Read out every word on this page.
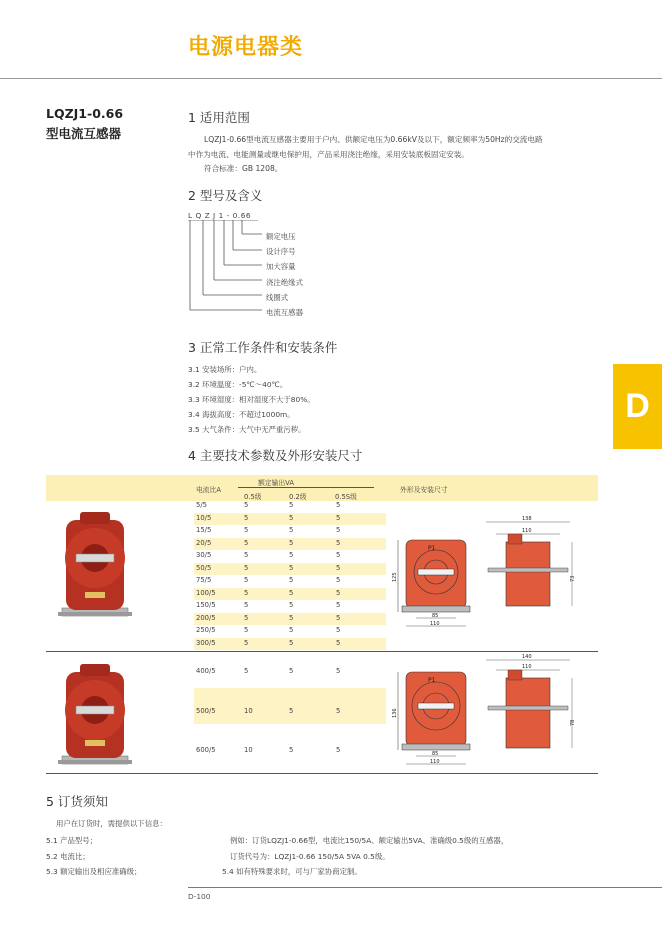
电源电器类
LQZJ1-0.66
型电流互感器
D
1 适用范围
LQZJ1-0.66型电流互感器主要用于户内、供额定电压为0.66kV及以下，额定频率为50Hz的交流电路
中作为电流、电能测量或继电保护用，产品采用浇注绝缘，采用安装底板固定安装。
符合标准：GB 1208。
2 型号及含义
L Q Z J 1 - 0.66
额定电压
设计序号
加大容量
浇注绝缘式
线圈式
电流互感器
3 正常工作条件和安装条件
3.1 安装场所：户内。
3.2 环境温度：-5℃～40℃。
3.3 环境湿度：相对湿度不大于80%。
3.4 海拔高度：不超过1000m。
3.5 大气条件：大气中无严重污秽。
4 主要技术参数及外形安装尺寸
电流比A
额定输出VA
0.5级	0.2级	0.5S级
外形及安装尺寸
5/5	5	5	5
10/5	5	5	5
15/5	5	5	5
20/5	5	5	5
30/5	5	5	5
50/5	5	5	5
75/5	5	5	5
100/5	5	5	5
150/5	5	5	5
200/5	5	5	5
250/5	5	5	5
300/5	5	5	5
400/5	5	5	5
500/5	10	5	5
600/5	10	5	5
P1
125
85
110
138
110
73
P1
136
85
110
140
110
78
5 订货须知
用户在订货时，需提供以下信息：
5.1 产品型号；
5.2 电流比；
5.3 额定输出及相应准确级；
例如：订货LQZJ1-0.66型，电流比150/5A、额定输出5VA、准确级0.5级的互感器，
订货代号为：LQZJ1-0.66 150/5A 5VA 0.5级。
5.4 如有特殊要求时，可与厂家协商定制。
D-100
